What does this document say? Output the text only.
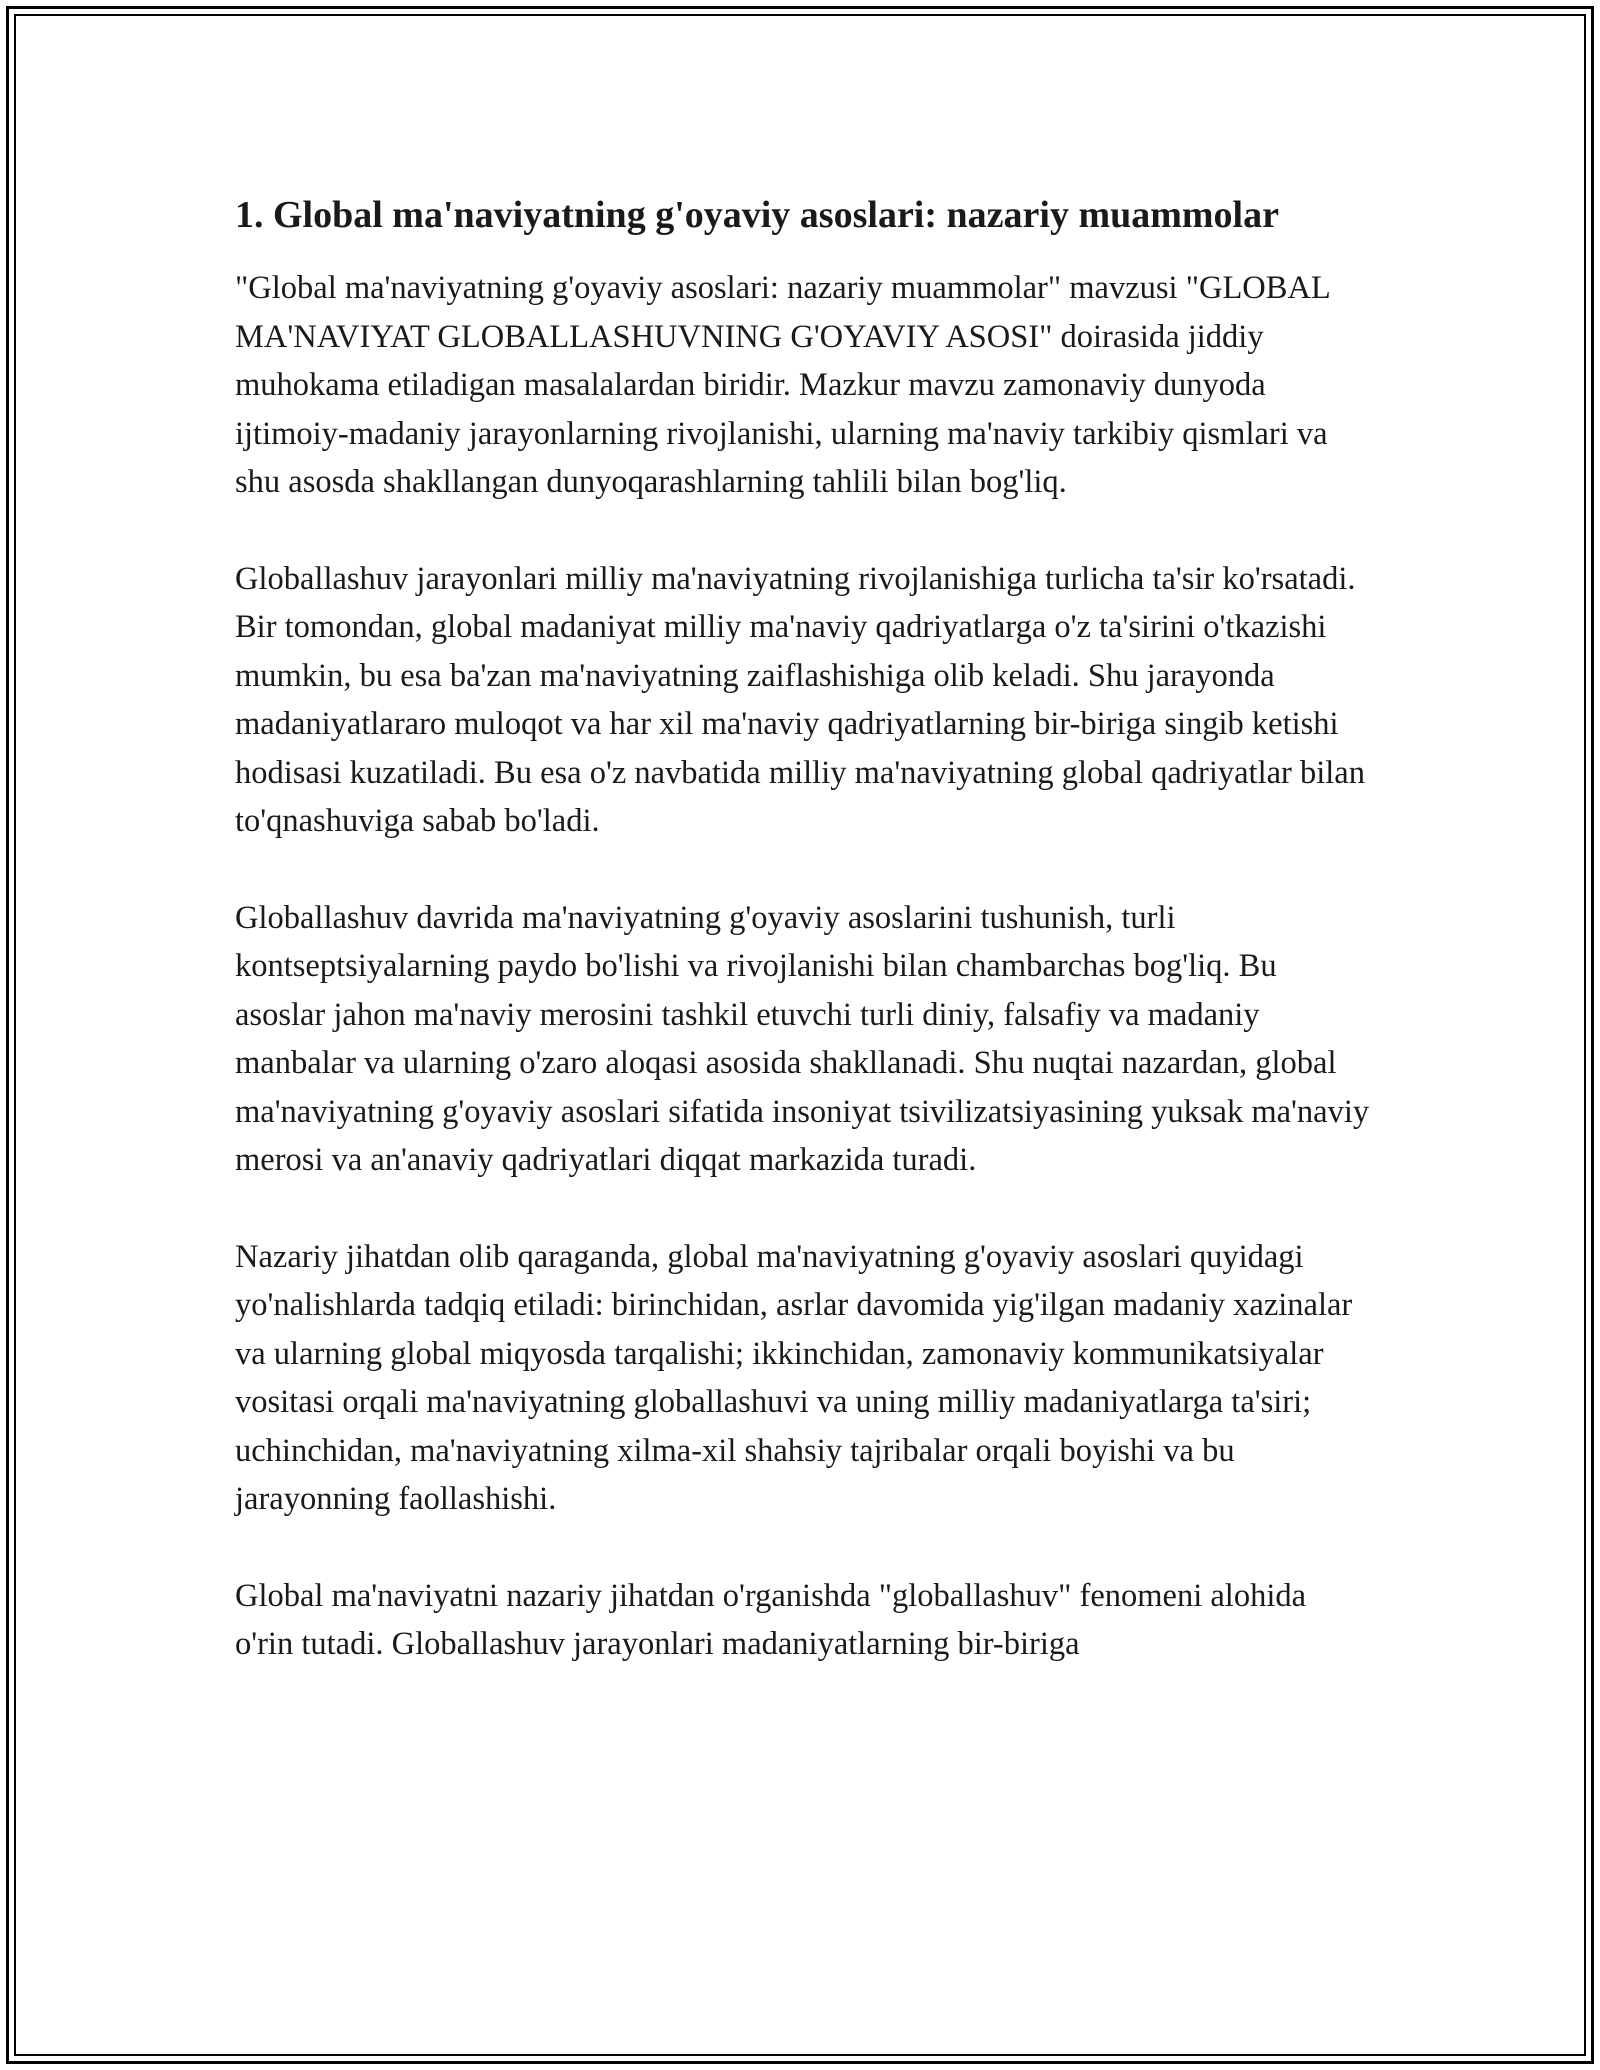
1. Global ma'naviyatning g'oyaviy asoslari: nazariy muammolar

"Global ma'naviyatning g'oyaviy asoslari: nazariy muammolar" mavzusi "GLOBAL MA'NAVIYAT GLOBALLASHUVNING G'OYAVIY ASOSI" doirasida jiddiy muhokama etiladigan masalalardan biridir. Mazkur mavzu zamonaviy dunyoda ijtimoiy-madaniy jarayonlarning rivojlanishi, ularning ma'naviy tarkibiy qismlari va shu asosda shakllangan dunyoqarashlarning tahlili bilan bog'liq.

Globallashuv jarayonlari milliy ma'naviyatning rivojlanishiga turlicha ta'sir ko'rsatadi. Bir tomondan, global madaniyat milliy ma'naviy qadriyatlarga o'z ta'sirini o'tkazishi mumkin, bu esa ba'zan ma'naviyatning zaiflashishiga olib keladi. Shu jarayonda madaniyatlararo muloqot va har xil ma'naviy qadriyatlarning bir-biriga singib ketishi hodisasi kuzatiladi. Bu esa o'z navbatida milliy ma'naviyatning global qadriyatlar bilan to'qnashuviga sabab bo'ladi.

Globallashuv davrida ma'naviyatning g'oyaviy asoslarini tushunish, turli kontseptsiyalarning paydo bo'lishi va rivojlanishi bilan chambarchas bog'liq. Bu asoslar jahon ma'naviy merosini tashkil etuvchi turli diniy, falsafiy va madaniy manbalar va ularning o'zaro aloqasi asosida shakllanadi. Shu nuqtai nazardan, global ma'naviyatning g'oyaviy asoslari sifatida insoniyat tsivilizatsiyasining yuksak ma'naviy merosi va an'anaviy qadriyatlari diqqat markazida turadi.

Nazariy jihatdan olib qaraganda, global ma'naviyatning g'oyaviy asoslari quyidagi yo'nalishlarda tadqiq etiladi: birinchidan, asrlar davomida yig'ilgan madaniy xazinalar va ularning global miqyosda tarqalishi; ikkinchidan, zamonaviy kommunikatsiyalar vositasi orqali ma'naviyatning globallashuvi va uning milliy madaniyatlarga ta'siri; uchinchidan, ma'naviyatning xilma-xil shahsiy tajribalar orqali boyishi va bu jarayonning faollashishi.

Global ma'naviyatni nazariy jihatdan o'rganishda "globallashuv" fenomeni alohida o'rin tutadi. Globallashuv jarayonlari madaniyatlarning bir-biriga
